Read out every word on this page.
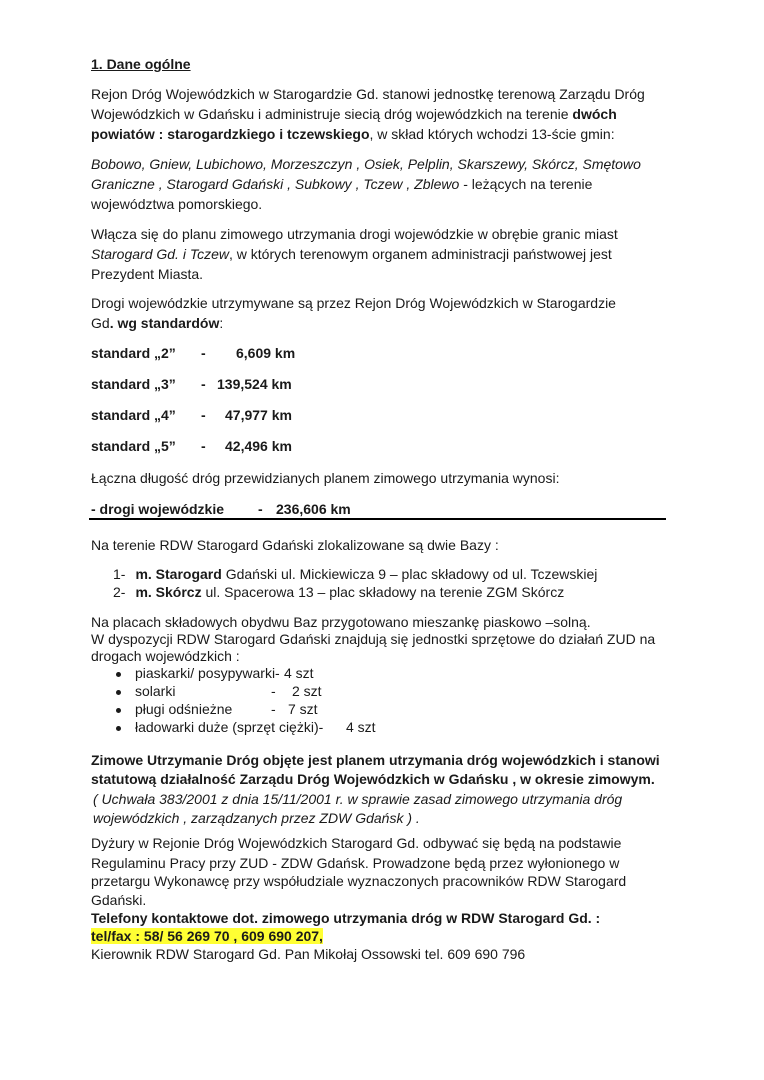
1. Dane ogólne
Rejon Dróg Wojewódzkich w Starogardzie Gd. stanowi jednostkę terenową Zarządu Dróg
Wojewódzkich w Gdańsku i administruje siecią dróg wojewódzkich na terenie dwóch
powiatów : starogardzkiego i tczewskiego, w skład których wchodzi 13-ście gmin:
Bobowo, Gniew, Lubichowo, Morzeszczyn , Osiek, Pelplin, Skarszewy, Skórcz, Smętowo
Graniczne , Starogard Gdański , Subkowy , Tczew , Zblewo - leżących na terenie
województwa pomorskiego.
Włącza się do planu zimowego utrzymania drogi wojewódzkie w obrębie granic miast
Starogard Gd. i Tczew, w których terenowym organem administracji państwowej jest
Prezydent Miasta.
Drogi wojewódzkie utrzymywane są przez Rejon Dróg Wojewódzkich w Starogardzie
Gd. wg standardów:
standard „2” - 6,609 km
standard „3” - 139,524 km
standard „4” - 47,977 km
standard „5” - 42,496 km
Łączna długość dróg przewidzianych planem zimowego utrzymania wynosi:
- drogi wojewódzkie - 236,606 km
Na terenie RDW Starogard Gdański zlokalizowane są dwie Bazy :
1- m. Starogard Gdański ul. Mickiewicza 9 – plac składowy od ul. Tczewskiej
2- m. Skórcz ul. Spacerowa 13 – plac składowy na terenie ZGM Skórcz
Na placach składowych obydwu Baz przygotowano mieszankę piaskowo –solną.
W dyspozycji RDW Starogard Gdański znajdują się jednostki sprzętowe do działań ZUD na
drogach wojewódzkich :
piaskarki/ posypywarki- 4 szt
solarki	- 2 szt
pługi odśnieżne	- 7 szt
ładowarki duże (sprzęt ciężki)- 4 szt
Zimowe Utrzymanie Dróg objęte jest planem utrzymania dróg wojewódzkich i stanowi
statutową działalność Zarządu Dróg Wojewódzkich w Gdańsku , w okresie zimowym.
( Uchwała 383/2001 z dnia 15/11/2001 r. w sprawie zasad zimowego utrzymania dróg
wojewódzkich , zarządzanych przez ZDW Gdańsk ) .
Dyżury w Rejonie Dróg Wojewódzkich Starogard Gd. odbywać się będą na podstawie
Regulaminu Pracy przy ZUD - ZDW Gdańsk. Prowadzone będą przez wyłonionego w
przetargu Wykonawcę przy współudziale wyznaczonych pracowników RDW Starogard
Gdański.
Telefony kontaktowe dot. zimowego utrzymania dróg w RDW Starogard Gd. :
tel/fax : 58/ 56 269 70 , 609 690 207,
Kierownik RDW Starogard Gd. Pan Mikołaj Ossowski tel. 609 690 796
